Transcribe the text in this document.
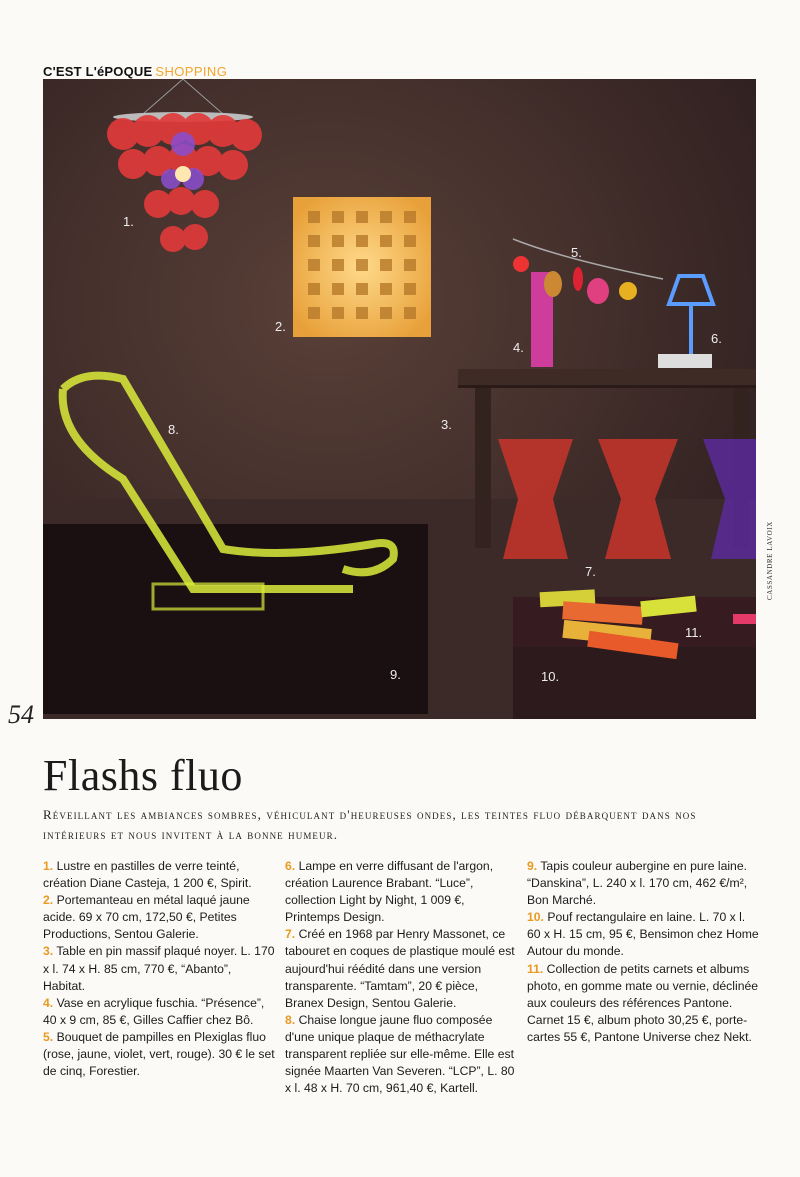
C'EST L'éPOQUE SHOPPING
1.
2.
3.
4.
5.
6.
7.
8.
9.	10.
11.
CASSANDRE LAVOIX
54
Flashs fluo
Réveillant les ambiances sombres, véhiculant d'heureuses ondes, les teintes fluo débarquent dans nos intérieurs et nous invitent à la bonne humeur.

1. Lustre en pastilles de verre teinté, création Diane Casteja, 1 200 €, Spirit.

2. Portemanteau en métal laqué jaune acide. 69 x 70 cm, 172,50 €, Petites Productions, Sentou Galerie.

3. Table en pin massif plaqué noyer. L. 170 x l. 74 x H. 85 cm, 770 €, “Abanto”, Habitat.

4. Vase en acrylique fuschia. “Présence”, 40 x 9 cm, 85 €, Gilles Caffier chez Bô.

5. Bouquet de pampilles en Plexiglas fluo (rose, jaune, violet, vert, rouge). 30 € le set de cinq, Forestier.

6. Lampe en verre diffusant de l'argon, création Laurence Brabant. “Luce”, collection Light by Night, 1 009 €, Printemps Design.

7. Créé en 1968 par Henry Massonet, ce tabouret en coques de plastique moulé est aujourd'hui réédité dans une version transparente. “Tamtam”, 20 € pièce, Branex Design, Sentou Galerie.

8. Chaise longue jaune fluo composée d'une unique plaque de méthacrylate transparent repliée sur elle-même. Elle est signée Maarten Van Severen. “LCP”, L. 80 x l. 48 x H. 70 cm, 961,40 €, Kartell.

9. Tapis couleur aubergine en pure laine. “Danskina”, L. 240 x l. 170 cm, 462 €/m², Bon Marché.

10. Pouf rectangulaire en laine. L. 70 x l. 60 x H. 15 cm, 95 €, Bensimon chez Home Autour du monde.

11. Collection de petits carnets et albums photo, en gomme mate ou vernie, déclinée aux couleurs des références Pantone. Carnet 15 €, album photo 30,25 €, porte-cartes 55 €, Pantone Universe chez Nekt.
